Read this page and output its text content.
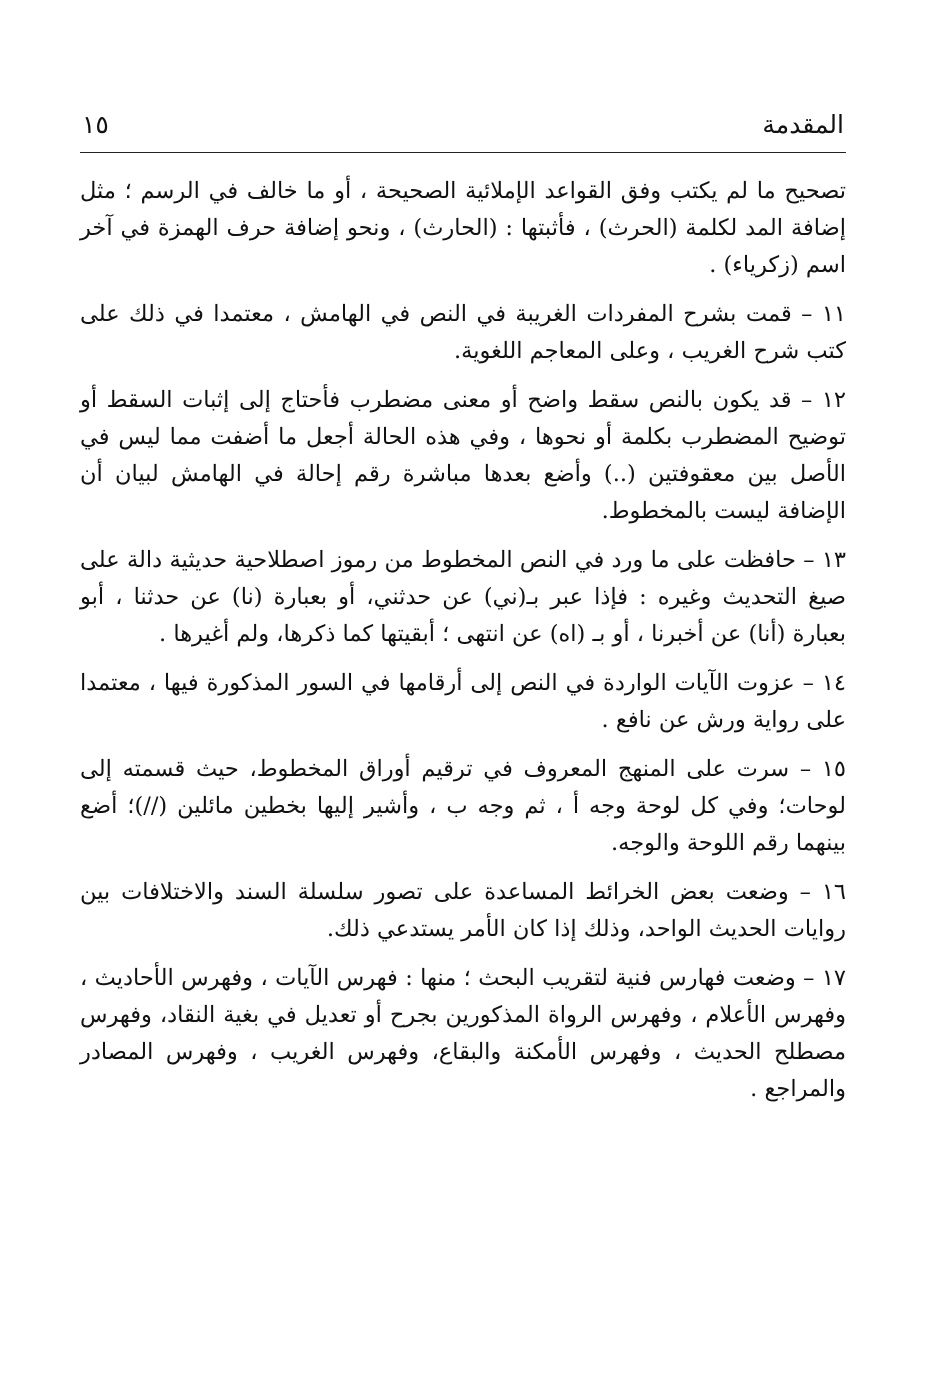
المقدمة
١٥

تصحيح ما لم يكتب وفق القواعد الإملائية الصحيحة ، أو ما خالف في الرسم ؛ مثل إضافة المد لكلمة (الحرث) ، فأثبتها : (الحارث) ، ونحو إضافة حرف الهمزة في آخر اسم (زكرياء) .

١١ – قمت بشرح المفردات الغريبة في النص في الهامش ، معتمدا في ذلك على كتب شرح الغريب ، وعلى المعاجم اللغوية.

١٢ – قد يكون بالنص سقط واضح أو معنى مضطرب فأحتاج إلى إثبات السقط أو توضيح المضطرب بكلمة أو نحوها ، وفي هذه الحالة أجعل ما أضفت مما ليس في الأصل بين معقوفتين (..) وأضع بعدها مباشرة رقم إحالة في الهامش لبيان أن الإضافة ليست بالمخطوط.

١٣ – حافظت على ما ورد في النص المخطوط من رموز اصطلاحية حديثية دالة على صيغ التحديث وغيره : فإذا عبر بـ(ني) عن حدثني، أو بعبارة (نا) عن حدثنا ، أبو بعبارة (أنا) عن أخبرنا ، أو بـ (اه) عن انتهى ؛ أبقيتها كما ذكرها، ولم أغيرها .

١٤ – عزوت الآيات الواردة في النص إلى أرقامها في السور المذكورة فيها ، معتمدا على رواية ورش عن نافع .

١٥ – سرت على المنهج المعروف في ترقيم أوراق المخطوط، حيث قسمته إلى لوحات؛ وفي كل لوحة وجه أ ، ثم وجه ب ، وأشير إليها بخطين مائلين (//)؛ أضع بينهما رقم اللوحة والوجه.

١٦ – وضعت بعض الخرائط المساعدة على تصور سلسلة السند والاختلافات بين روايات الحديث الواحد، وذلك إذا كان الأمر يستدعي ذلك.

١٧ – وضعت فهارس فنية لتقريب البحث ؛ منها : فهرس الآيات ، وفهرس الأحاديث ، وفهرس الأعلام ، وفهرس الرواة المذكورين بجرح أو تعديل في بغية النقاد، وفهرس مصطلح الحديث ، وفهرس الأمكنة والبقاع، وفهرس الغريب ، وفهرس المصادر والمراجع .
